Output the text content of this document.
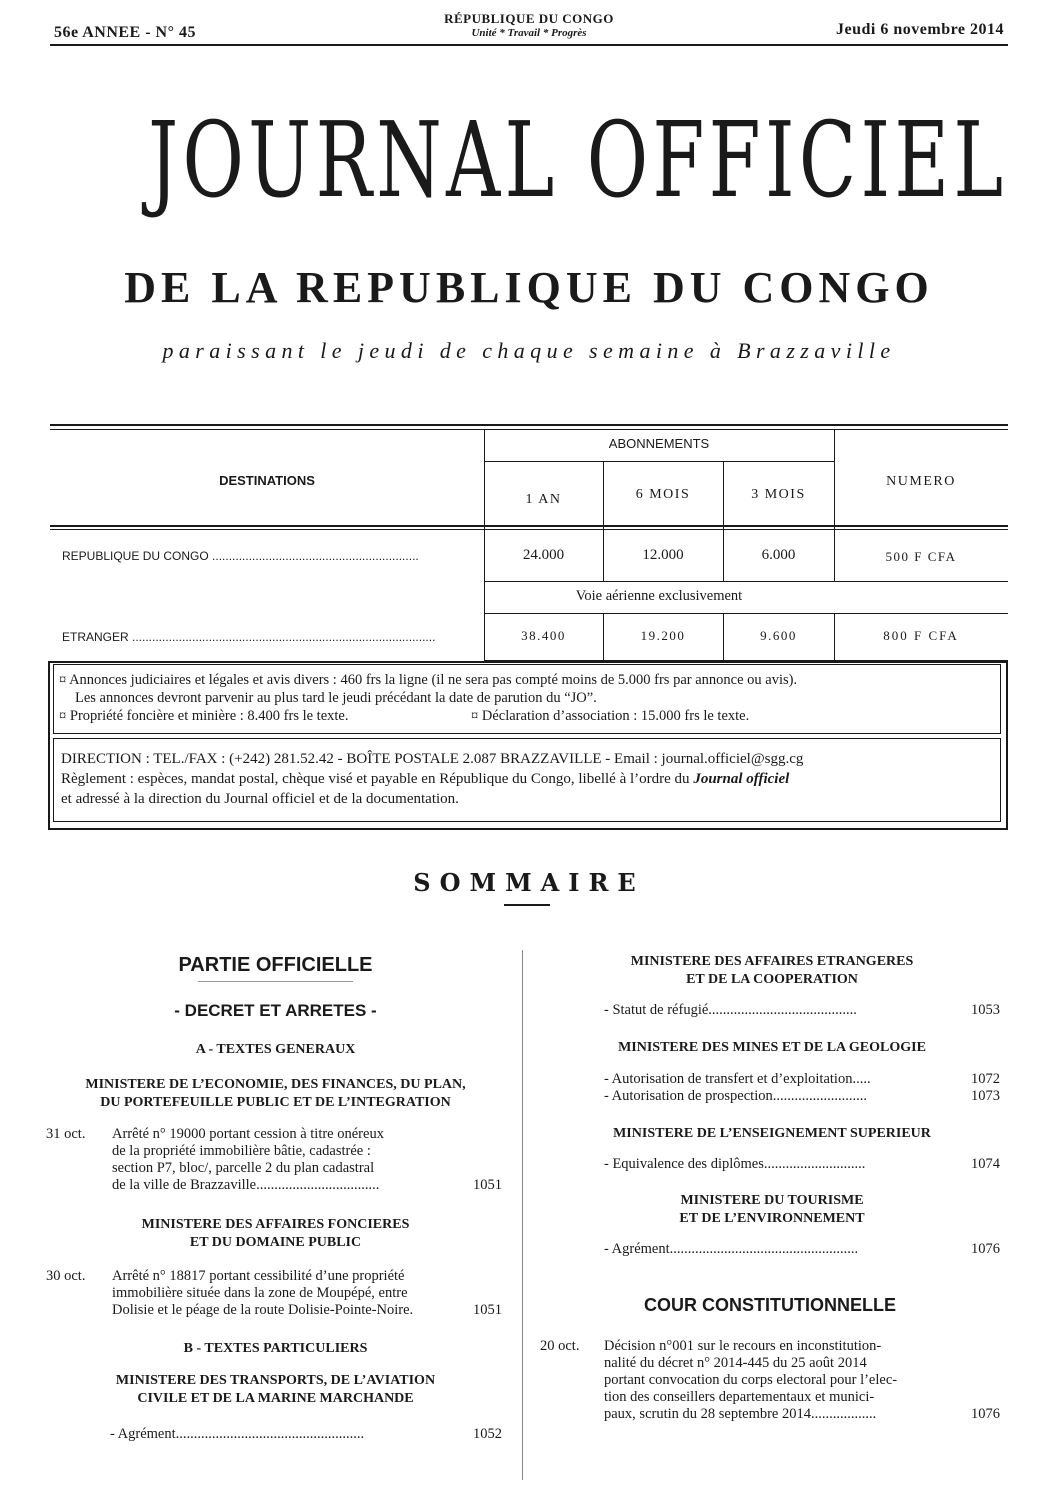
56e ANNEE - N° 45
RÉPUBLIQUE DU CONGO
Unité * Travail * Progrès	Jeudi 6 novembre 2014
JOURNAL OFFICIEL
DE LA REPUBLIQUE DU CONGO
paraissant le jeudi de chaque semaine à Brazzaville
DESTINATIONS
ABONNEMENTS
NUMERO
1 AN	6 MOIS	3 MOIS
REPUBLIQUE DU CONGO ..............................................................	24.000	12.000	6.000	500 F CFA
Voie aérienne exclusivement
ETRANGER ...........................................................................................	38.400	19.200	9.600	800 F CFA
¤ Annonces judiciaires et légales et avis divers : 460 frs la ligne (il ne sera pas compté moins de 5.000 frs par annonce ou avis).
Les annonces devront parvenir au plus tard le jeudi précédant la date de parution du “JO”.
¤ Propriété foncière et minière : 8.400 frs le texte.	¤ Déclaration d’association : 15.000 frs le texte.
DIRECTION : TEL./FAX : (+242) 281.52.42 - BOÎTE POSTALE 2.087 BRAZZAVILLE - Email : journal.officiel@sgg.cg
Règlement : espèces, mandat postal, chèque visé et payable en République du Congo, libellé à l’ordre du Journal officiel
et adressé à la direction du Journal officiel et de la documentation.
SOMMAIRE
PARTIE OFFICIELLE
- DECRET ET ARRETES -
A - TEXTES GENERAUX
MINISTERE DE L’ECONOMIE, DES FINANCES, DU PLAN,
DU PORTEFEUILLE PUBLIC ET DE L’INTEGRATION
31 oct. Arrêté n° 19000 portant cession à titre onéreux
de la propriété immobilière bâtie, cadastrée :
section P7, bloc/, parcelle 2 du plan cadastral
de la ville de Brazzaville..................................	1051
MINISTERE DES AFFAIRES FONCIERES
ET DU DOMAINE PUBLIC
30 oct. Arrêté n° 18817 portant cessibilité d’une propriété
immobilière située dans la zone de Moupépé, entre
Dolisie et le péage de la route Dolisie-Pointe-Noire.	1051
B - TEXTES PARTICULIERS
MINISTERE DES TRANSPORTS, DE L’AVIATION
CIVILE ET DE LA MARINE MARCHANDE
- Agrément....................................................	1052
MINISTERE DES AFFAIRES ETRANGERES
ET DE LA COOPERATION
- Statut de réfugié.........................................	1053
MINISTERE DES MINES ET DE LA GEOLOGIE
- Autorisation de transfert et d’exploitation.....	1072
- Autorisation de prospection..........................	1073
MINISTERE DE L’ENSEIGNEMENT SUPERIEUR
- Equivalence des diplômes............................	1074
MINISTERE DU TOURISME
ET DE L’ENVIRONNEMENT
- Agrément....................................................	1076
COUR CONSTITUTIONNELLE
20 oct. Décision n°001 sur le recours en inconstitution-
nalité du décret n° 2014-445 du 25 août 2014
portant convocation du corps electoral pour l’elec-
tion des conseillers departementaux et munici-
paux, scrutin du 28 septembre 2014..................	1076
